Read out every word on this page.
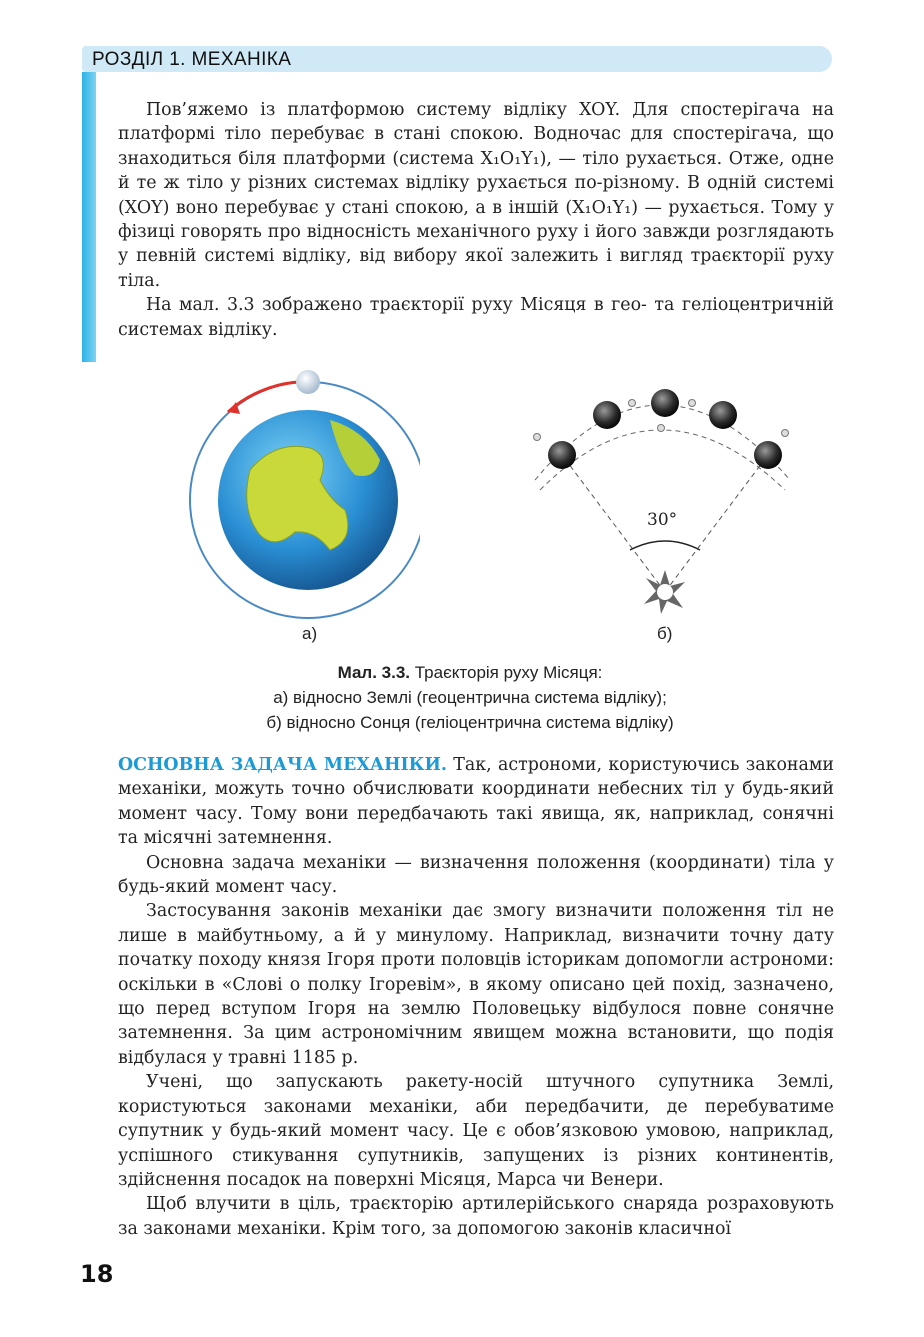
РОЗДІЛ 1. МЕХАНІКА

Пов’яжемо із платформою систему відліку XOY. Для спостерігача на платформі тіло перебуває в стані спокою. Водночас для спостерігача, що знаходиться біля платформи (система X₁O₁Y₁), — тіло рухається. Отже, одне й те ж тіло у різних системах відліку рухається по-різному. В одній системі (XOY) воно перебуває у стані спокою, а в іншій (X₁O₁Y₁) — рухається. Тому у фізиці говорять про відносність механічного руху і його завжди розглядають у певній системі відліку, від вибору якої залежить і вигляд траєкторії руху тіла.

На мал. 3.3 зображено траєкторії руху Місяця в гео- та геліоцентричній системах відліку.

а)
30°
б)
Мал. 3.3. Траєкторія руху Місяця:
а) відносно Землі (геоцентрична система відліку);
б) відносно Сонця (геліоцентрична система відліку)

ОСНОВНА ЗАДАЧА МЕХАНІКИ. Так, астрономи, користуючись законами механіки, можуть точно обчислювати координати небесних тіл у будь-який момент часу. Тому вони передбачають такі явища, як, наприклад, сонячні та місячні затемнення.

Основна задача механіки — визначення положення (координати) тіла у будь-який момент часу.

Застосування законів механіки дає змогу визначити положення тіл не лише в майбутньому, а й у минулому. Наприклад, визначити точну дату початку походу князя Ігоря проти половців історикам допомогли астрономи: оскільки в «Слові о полку Ігоревім», в якому описано цей похід, зазначено, що перед вступом Ігоря на землю Половецьку відбулося повне сонячне затемнення. За цим астрономічним явищем можна встановити, що подія відбулася у травні 1185 р.

Учені, що запускають ракету-носій штучного супутника Землі, користуються законами механіки, аби передбачити, де перебуватиме супутник у будь-який момент часу. Це є обов’язковою умовою, наприклад, успішного стикування супутників, запущених із різних континентів, здійснення посадок на поверхні Місяця, Марса чи Венери.

Щоб влучити в ціль, траєкторію артилерійського снаряда розраховують за законами механіки. Крім того, за допомогою законів класичної

18
